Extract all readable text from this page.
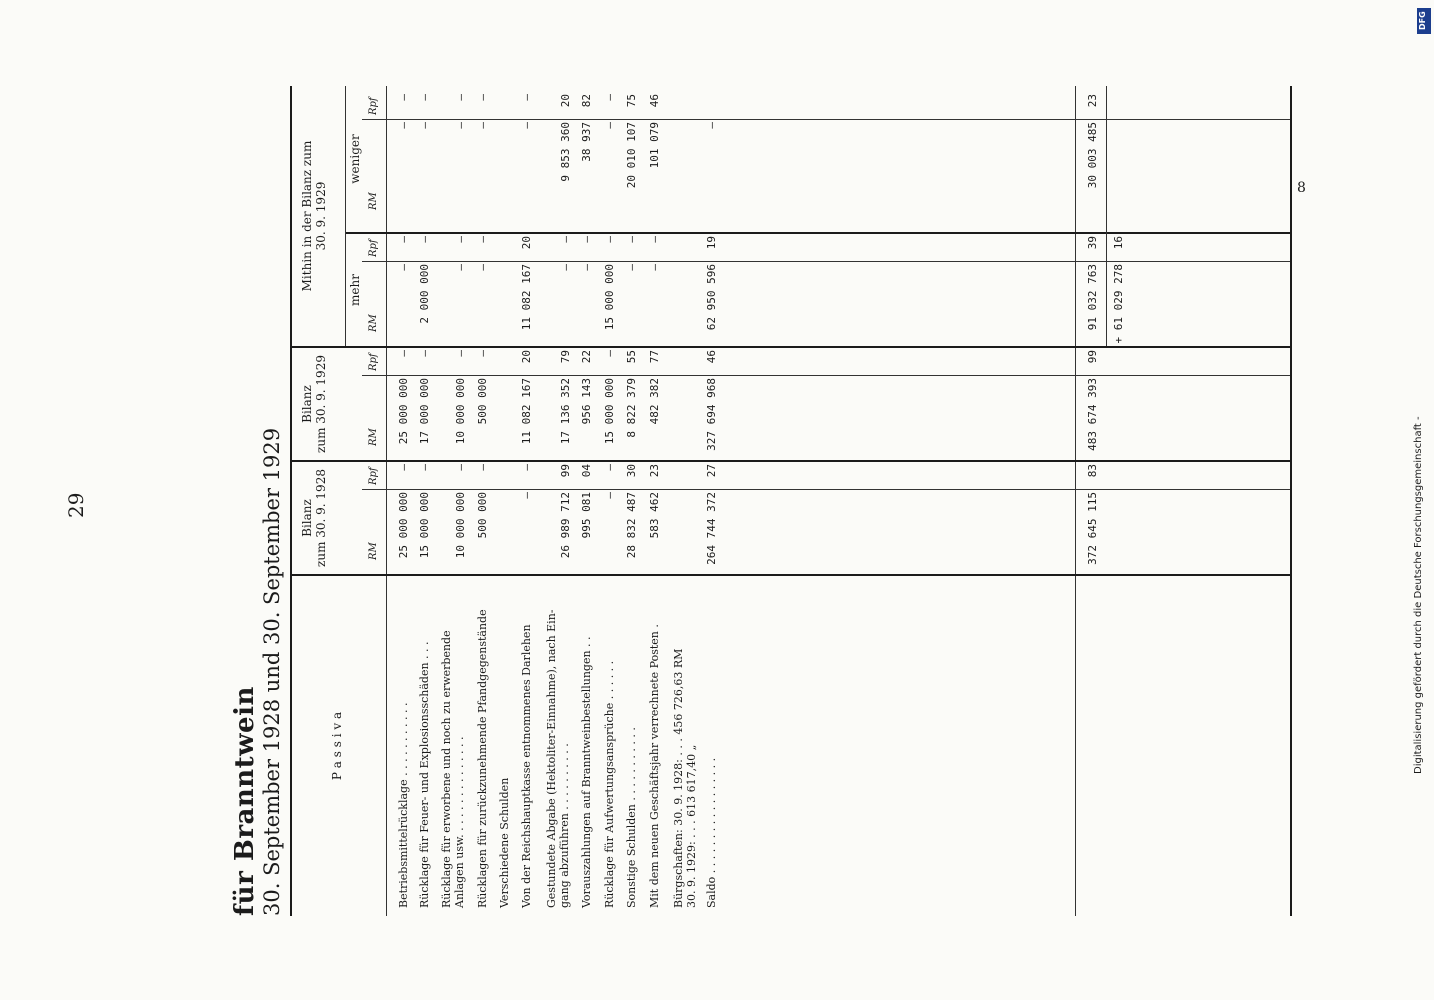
29
für Branntwein 30. September 1928 und 30. September 1929	P a s s i v a
Bilanz
zum 30. 9. 1928
Bilanz
zum 30. 9. 1929
Mithin in der Bilanz zum
30. 9. 1929
mehr
weniger
RM
Rpf
RM
Rpf
RM
Rpf
RM
Rpf
Betriebsmittelrücklage . . . . . . . . . . .
25 000 000
—
25 000 000
—
—
—
—
—
Rücklage für Feuer- und Explosionsschäden . . .
15 000 000
—
17 000 000
—
2 000 000
—
—
—
Rücklage für erworbene und noch zu erwerbende
Anlagen usw. . . . . . . . . . . . . . .
10 000 000
—
10 000 000
—
—
—
—
—
Rücklagen für zurückzunehmende Pfandgegenstände
500 000
—
500 000
—
—
—
—
—
Verschiedene Schulden Von der Reichshauptkasse entnommenes Darlehen
—
—
11 082 167
20
11 082 167
20
—
—
Gestundete Abgabe (Hektoliter-Einnahme), nach Ein-
gang abzuführen . . . . . . . . . .
26 989 712
99
17 136 352
79
—
—
9 853 360
20
Vorauszahlungen auf Branntweinbestellungen . .
995 081
04
956 143
22
—
—
38 937
82
Rücklage für Aufwertungsansprüche . . . . . .
—
—
15 000 000
—
15 000 000
—
—
—
Sonstige Schulden . . . . . . . . . . .
28 832 487
30
8 822 379
55
—
—
20 010 107
75
Mit dem neuen Geschäftsjahr verrechnete Posten .
583 462
23
482 382
77
—
—
101 079
46
Bürgschaften: 30. 9. 1928: . . . 456 726,63 RM
30. 9. 1929: . . . 613 617,40 „
Saldo . . . . . . . . . . . . . . . . .
264 744 372
27
327 694 968
46
62 950 596
19
—
372 645 115
83
483 674 393
99
91 032 763
39
30 003 485
23
+ 61 029 278
16
8
Digitalisierung gefördert durch die Deutsche Forschungsgemeinschaft -
DFG
